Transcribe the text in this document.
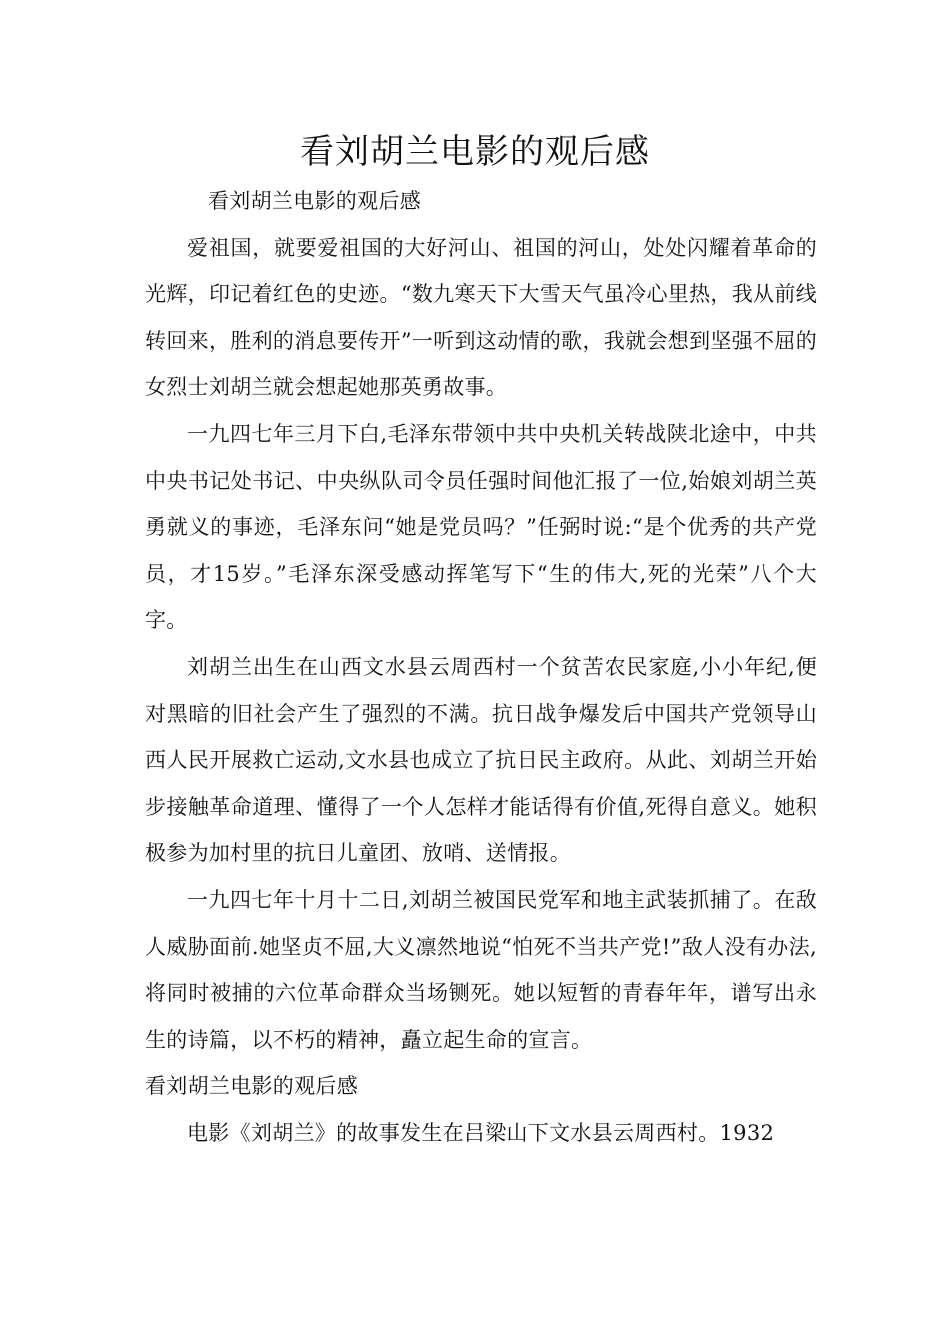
看刘胡兰电影的观后感

看刘胡兰电影的观后感

爱祖国，就要爱祖国的大好河山、祖国的河山，处处闪耀着革命的光辉，印记着红色的史迹。“数九寒天下大雪天气虽冷心里热，我从前线转回来，胜利的消息要传开”一听到这动情的歌，我就会想到坚强不屈的女烈士刘胡兰就会想起她那英勇故事。

一九四七年三月下白,毛泽东带领中共中央机关转战陕北途中，中共中央书记处书记、中央纵队司令员任强时间他汇报了一位,始娘刘胡兰英勇就义的事迹，毛泽东问“她是党员吗？”任弼时说:“是个优秀的共产党员，才15岁。”毛泽东深受感动挥笔写下“生的伟大,死的光荣”八个大字。

刘胡兰出生在山西文水县云周西村一个贫苦农民家庭,小小年纪,便对黑暗的旧社会产生了强烈的不满。抗日战争爆发后中国共产党领导山西人民开展救亡运动,文水县也成立了抗日民主政府。从此、刘胡兰开始步接触革命道理、懂得了一个人怎样才能话得有价值,死得自意义。她积极参为加村里的抗日儿童团、放哨、送情报。

一九四七年十月十二日,刘胡兰被国民党军和地主武装抓捕了。在敌人威胁面前.她坚贞不屈,大义凛然地说“怕死不当共产党!”敌人没有办法,将同时被捕的六位革命群众当场铡死。她以短暂的青春年年，谱写出永生的诗篇，以不朽的精神，矗立起生命的宣言。

看刘胡兰电影的观后感

电影《刘胡兰》的故事发生在吕梁山下文水县云周西村。1932
